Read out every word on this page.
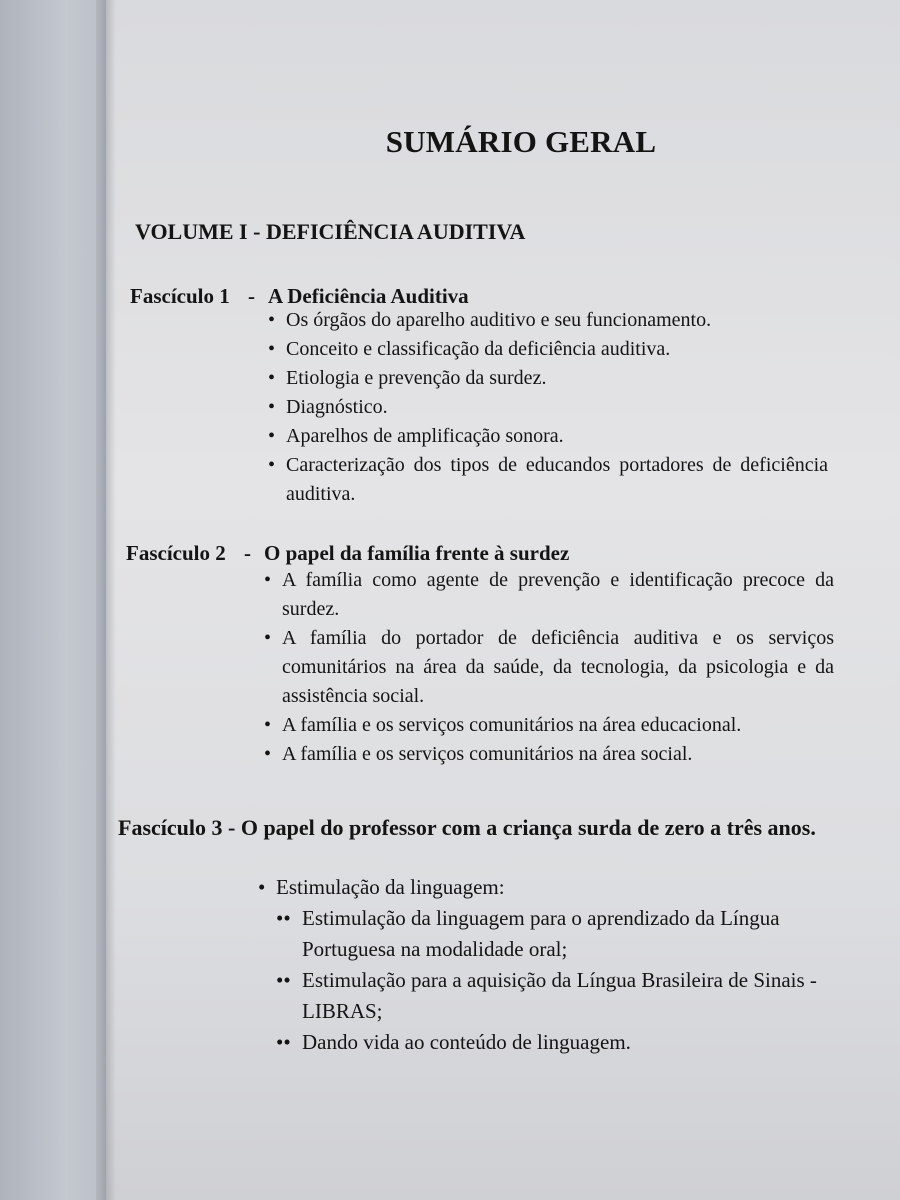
SUMÁRIO GERAL
VOLUME I - DEFICIÊNCIA AUDITIVA
Fascículo 1 - A Deficiência Auditiva
• Os órgãos do aparelho auditivo e seu funcionamento.
• Conceito e classificação da deficiência auditiva.
• Etiologia e prevenção da surdez.
• Diagnóstico.
• Aparelhos de amplificação sonora.
• Caracterização dos tipos de educandos portadores de deficiência auditiva.
Fascículo 2 - O papel da família frente à surdez
• A família como agente de prevenção e identificação precoce da surdez.
• A família do portador de deficiência auditiva e os serviços comunitários na área da saúde, da tecnologia, da psicologia e da assistência social.
• A família e os serviços comunitários na área educacional.
• A família e os serviços comunitários na área social.
Fascículo 3 - O papel do professor com a criança surda de zero a três anos.
• Estimulação da linguagem:
•• Estimulação da linguagem para o aprendizado da Língua Portuguesa na modalidade oral;
•• Estimulação para a aquisição da Língua Brasileira de Sinais - LIBRAS;
•• Dando vida ao conteúdo de linguagem.
